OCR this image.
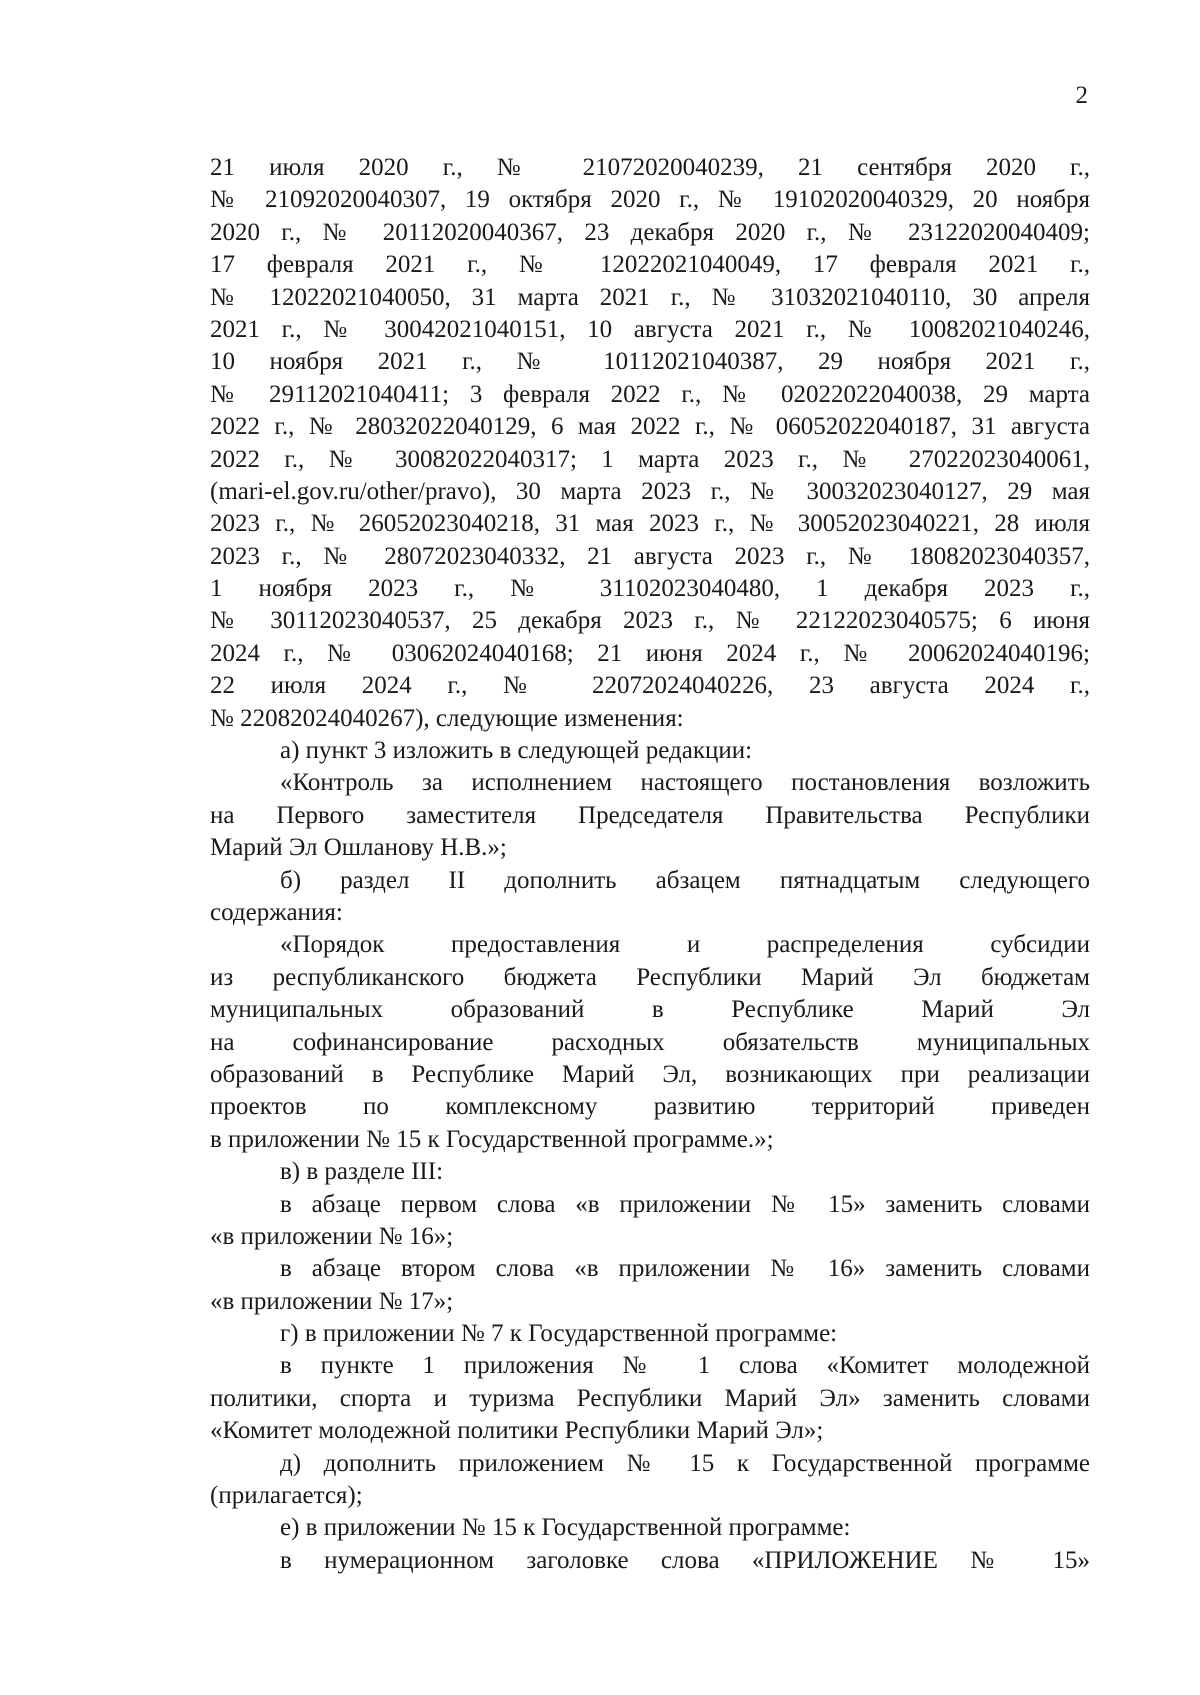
2
21 июля 2020 г., № 21072020040239, 21 сентября 2020 г.,
№ 21092020040307, 19 октября 2020 г., № 19102020040329, 20 ноября
2020 г., № 20112020040367, 23 декабря 2020 г., № 23122020040409;
17 февраля 2021 г., № 12022021040049, 17 февраля 2021 г.,
№ 12022021040050, 31 марта 2021 г., № 31032021040110, 30 апреля
2021 г., № 30042021040151, 10 августа 2021 г., № 10082021040246,
10 ноября 2021 г., № 10112021040387, 29 ноября 2021 г.,
№ 29112021040411; 3 февраля 2022 г., № 02022022040038, 29 марта
2022 г., № 28032022040129, 6 мая 2022 г., № 06052022040187, 31 августа
2022 г., № 30082022040317; 1 марта 2023 г., № 27022023040061,
(mari-el.gov.ru/other/pravo), 30 марта 2023 г., № 30032023040127, 29 мая
2023 г., № 26052023040218, 31 мая 2023 г., № 30052023040221, 28 июля
2023 г., № 28072023040332, 21 августа 2023 г., № 18082023040357,
1 ноября 2023 г., № 31102023040480, 1 декабря 2023 г.,
№ 30112023040537, 25 декабря 2023 г., № 22122023040575; 6 июня
2024 г., № 03062024040168; 21 июня 2024 г., № 20062024040196;
22 июля 2024 г., № 22072024040226, 23 августа 2024 г.,
№ 22082024040267), следующие изменения:
а) пункт 3 изложить в следующей редакции:
«Контроль за исполнением настоящего постановления возложить
на Первого заместителя Председателя Правительства Республики
Марий Эл Ошланову Н.В.»;
б) раздел II дополнить абзацем пятнадцатым следующего
содержания:
«Порядок предоставления и распределения субсидии
из республиканского бюджета Республики Марий Эл бюджетам
муниципальных образований в Республике Марий Эл
на софинансирование расходных обязательств муниципальных
образований в Республике Марий Эл, возникающих при реализации
проектов по комплексному развитию территорий приведен
в приложении № 15 к Государственной программе.»;
в) в разделе III:
в абзаце первом слова «в приложении № 15» заменить словами
«в приложении № 16»;
в абзаце втором слова «в приложении № 16» заменить словами
«в приложении № 17»;
г) в приложении № 7 к Государственной программе:
в пункте 1 приложения № 1 слова «Комитет молодежной
политики, спорта и туризма Республики Марий Эл» заменить словами
«Комитет молодежной политики Республики Марий Эл»;
д) дополнить приложением № 15 к Государственной программе
(прилагается);
е) в приложении № 15 к Государственной программе:
в нумерационном заголовке слова «ПРИЛОЖЕНИЕ № 15»
